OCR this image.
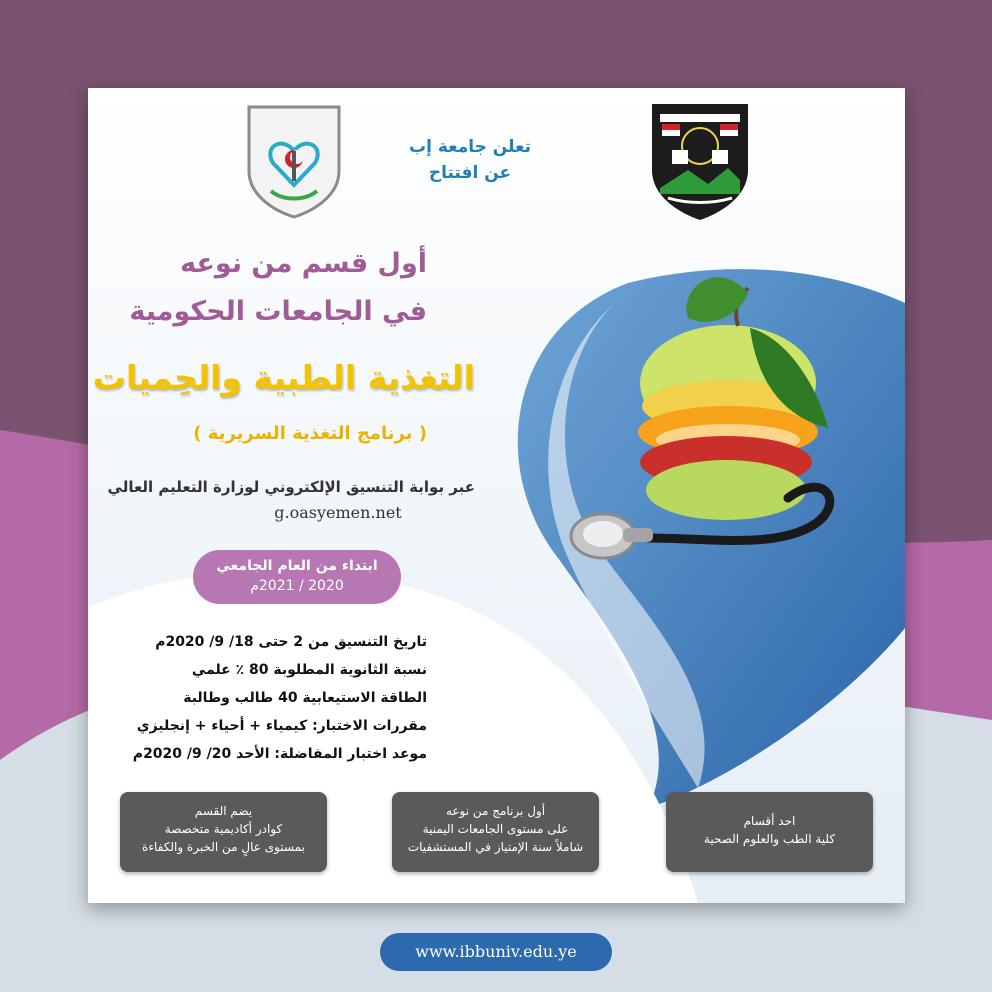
تعلن جامعة إب
عن افتتاح
أول قسم من نوعه
في الجامعات الحكومية
التغذية الطبية والحِميات
( برنامج التغذية السريرية )
عبر بوابة التنسيق الإلكتروني لوزارة التعليم العالي
g.oasyemen.net
ابتداء من العام الجامعي
2020 / 2021م
تاريخ التنسيق من 2 حتى 18/ 9/ 2020م
نسبة الثانوية المطلوبة 80 ٪ علمي
الطاقة الاستيعابية 40 طالب وطالبة
مقررات الاختبار: كيمياء + أحياء + إنجليزي
موعد اختبار المفاضلة: الأحد 20/ 9/ 2020م
يضم القسم
كوادر أكاديمية متخصصة
بمستوى عالٍ من الخبرة والكفاءة
أول برنامج من نوعه
على مستوى الجامعات اليمنية
شاملاً سنة الإمتياز في المستشفيات
احد أقسام
كلية الطب والعلوم الصحية
www.ibbuniv.edu.ye
